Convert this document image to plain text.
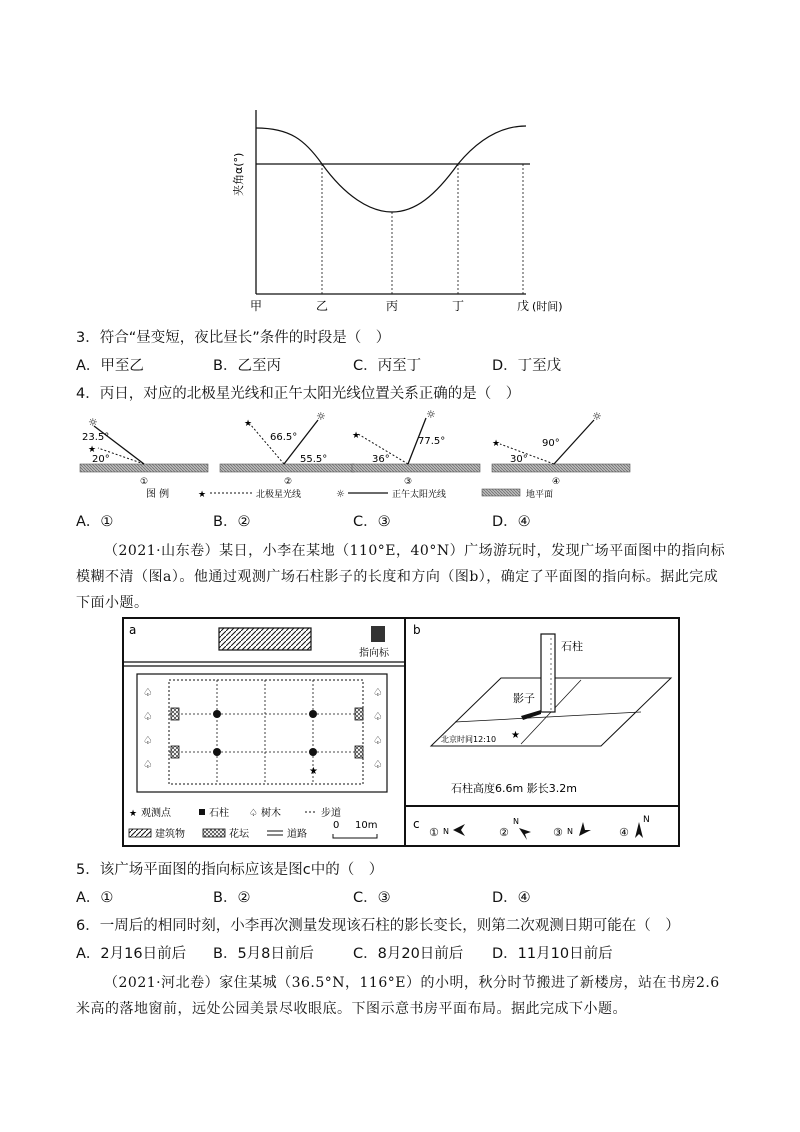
夹角α(°)
甲	乙	丙	丁	戊 (时间)
3．符合“昼变短，夜比昼长”条件的时段是（　）
A．甲至乙	B．乙至丙	C．丙至丁	D．丁至戊
4．丙日，对应的北极星光线和正午太阳光线位置关系正确的是（　）
☼
★
23.5°
20°
①
☼
★
66.5°
55.5°
②
☼
★	77.5°
36°
③
☼
★	90°
30°
④
图 例	★	北极星光线	☼	正午太阳光线	地平面
A．①	B．②	C．③	D．④
（2021·山东卷）某日，小李在某地（110°E，40°N）广场游玩时，发现广场平面图中的指向标模糊不清（图a）。他通过观测广场石柱影子的长度和方向（图b），确定了平面图的指向标。据此完成下面小题。
a
指向标
★
♤
♤
♤
♤
♤
♤
♤
♤
★ 观测点	石柱 ♤ 树木	步道
建筑物	花坛	道路
0 10m
b
石柱
影子
★
北京时间12:10
石柱高度6.6m 影长3.2m
c
① N	②
N
③ N	④
N
5．该广场平面图的指向标应该是图c中的（　）
A．①	B．②	C．③	D．④
6．一周后的相同时刻，小李再次测量发现该石柱的影长变长，则第二次观测日期可能在（　）
A．2月16日前后 B．5月8日前后	C．8月20日前后 D．11月10日前后
（2021·河北卷）家住某城（36.5°N，116°E）的小明，秋分时节搬进了新楼房，站在书房2.6米高的落地窗前，远处公园美景尽收眼底。下图示意书房平面布局。据此完成下小题。
